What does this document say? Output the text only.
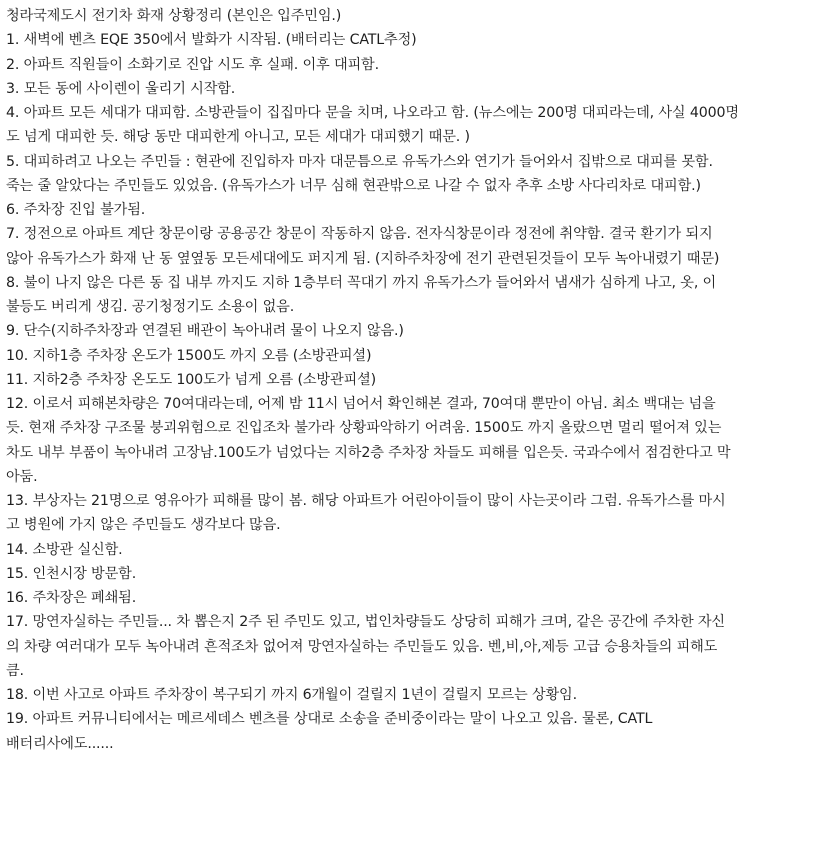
청라국제도시 전기차 화재 상황정리 (본인은 입주민임.)
1. 새벽에 벤츠 EQE 350에서 발화가 시작됨. (배터리는 CATL추정)
2. 아파트 직원들이 소화기로 진압 시도 후 실패. 이후 대피함.
3. 모든 동에 사이렌이 울리기 시작함.
4. 아파트 모든 세대가 대피함. 소방관들이 집집마다 문을 치며, 나오라고 함. (뉴스에는 200명 대피라는데, 사실 4000명
도 넘게 대피한 듯. 해당 동만 대피한게 아니고, 모든 세대가 대피했기 때문. )
5. 대피하려고 나오는 주민들 : 현관에 진입하자 마자 대문틈으로 유독가스와 연기가 들어와서 집밖으로 대피를 못함.
죽는 줄 알았다는 주민들도 있었음. (유독가스가 너무 심해 현관밖으로 나갈 수 없자 추후 소방 사다리차로 대피함.)
6. 주차장 진입 불가됨.
7. 정전으로 아파트 계단 창문이랑 공용공간 창문이 작동하지 않음. 전자식창문이라 정전에 취약함. 결국 환기가 되지
않아 유독가스가 화재 난 동 옆옆동 모든세대에도 퍼지게 됨. (지하주차장에 전기 관련된것들이 모두 녹아내렸기 때문)
8. 불이 나지 않은 다른 동 집 내부 까지도 지하 1층부터 꼭대기 까지 유독가스가 들어와서 냄새가 심하게 나고, 옷, 이
불등도 버리게 생김. 공기청정기도 소용이 없음.
9. 단수(지하주차장과 연결된 배관이 녹아내려 물이 나오지 않음.)
10. 지하1층 주차장 온도가 1500도 까지 오름 (소방관피셜)
11. 지하2층 주차장 온도도 100도가 넘게 오름 (소방관피셜)
12. 이로서 피해본차량은 70여대라는데, 어제 밤 11시 넘어서 확인해본 결과, 70여대 뿐만이 아님. 최소 백대는 넘을
듯. 현재 주차장 구조물 붕괴위험으로 진입조차 불가라 상황파악하기 어려움. 1500도 까지 올랐으면 멀리 떨어져 있는
차도 내부 부품이 녹아내려 고장남.100도가 넘었다는 지하2층 주차장 차들도 피해를 입은듯. 국과수에서 점검한다고 막
아둠.
13. 부상자는 21명으로 영유아가 피해를 많이 봄. 해당 아파트가 어린아이들이 많이 사는곳이라 그럼. 유독가스를 마시
고 병원에 가지 않은 주민들도 생각보다 많음.
14. 소방관 실신함.
15. 인천시장 방문함.
16. 주차장은 폐쇄됨.
17. 망연자실하는 주민들... 차 뽑은지 2주 된 주민도 있고, 법인차량들도 상당히 피해가 크며, 같은 공간에 주차한 자신
의 차량 여러대가 모두 녹아내려 흔적조차 없어져 망연자실하는 주민들도 있음. 벤,비,아,제등 고급 승용차들의 피해도
큼.
18. 이번 사고로 아파트 주차장이 복구되기 까지 6개월이 걸릴지 1년이 걸릴지 모르는 상황임.
19. 아파트 커뮤니티에서는 메르세데스 벤츠를 상대로 소송을 준비중이라는 말이 나오고 있음. 물론, CATL
배터리사에도......
